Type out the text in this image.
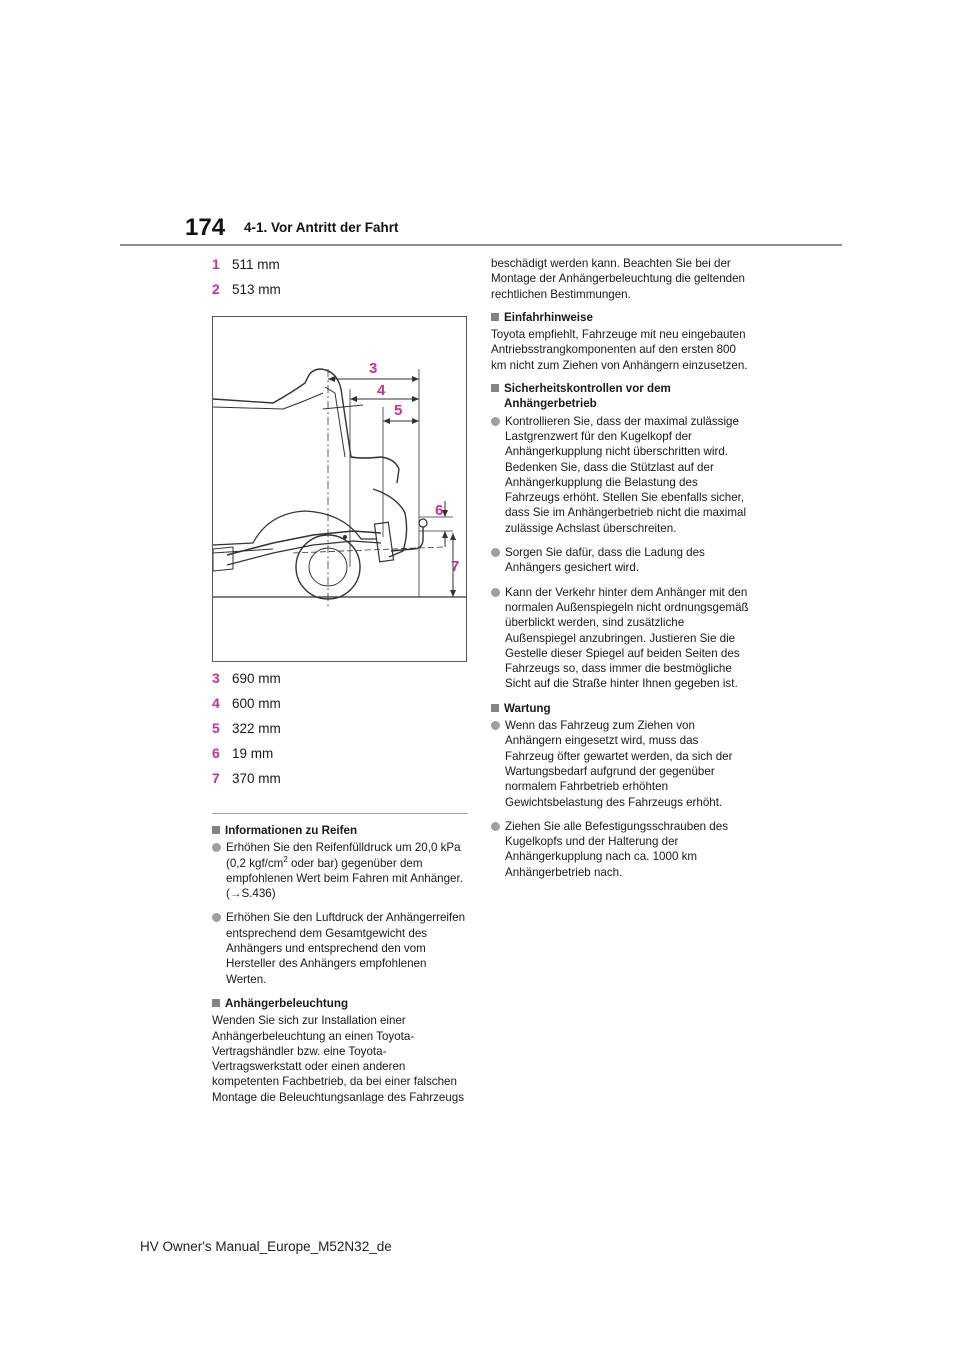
174 4-1. Vor Antritt der Fahrt
1 511 mm
2 513 mm
3
4
5
6
7
3 690 mm
4 600 mm
5 322 mm
6 19 mm
7 370 mm
Informationen zu Reifen
Erhöhen Sie den Reifenfülldruck um 20,0 kPa (0,2 kgf/$cm^2$ oder bar) gegenüber dem empfohlenen Wert beim Fahren mit Anhänger. (→S.436)
Erhöhen Sie den Luftdruck der Anhängerreifen entsprechend dem Gesamtgewicht des Anhängers und entsprechend den vom Hersteller des Anhängers empfohlenen Werten.
Anhängerbeleuchtung

Wenden Sie sich zur Installation einer Anhängerbeleuchtung an einen Toyota-Vertragshändler bzw. eine Toyota-Vertragswerkstatt oder einen anderen kompetenten Fachbetrieb, da bei einer falschen Montage die Beleuchtungsanlage des Fahrzeugs

beschädigt werden kann. Beachten Sie bei der Montage der Anhängerbeleuchtung die geltenden rechtlichen Bestimmungen.

Einfahrhinweise

Toyota empfiehlt, Fahrzeuge mit neu eingebauten Antriebsstrangkomponenten auf den ersten 800 km nicht zum Ziehen von Anhängern einzusetzen.

Sicherheitskontrollen vor dem Anhängerbetrieb
Kontrollieren Sie, dass der maximal zulässige Lastgrenzwert für den Kugelkopf der Anhängerkupplung nicht überschritten wird. Bedenken Sie, dass die Stützlast auf der Anhängerkupplung die Belastung des Fahrzeugs erhöht. Stellen Sie ebenfalls sicher, dass Sie im Anhängerbetrieb nicht die maximal zulässige Achslast überschreiten.
Sorgen Sie dafür, dass die Ladung des Anhängers gesichert wird.
Kann der Verkehr hinter dem Anhänger mit den normalen Außenspiegeln nicht ordnungsgemäß überblickt werden, sind zusätzliche Außenspiegel anzubringen. Justieren Sie die Gestelle dieser Spiegel auf beiden Seiten des Fahrzeugs so, dass immer die bestmögliche Sicht auf die Straße hinter Ihnen gegeben ist.
Wartung
Wenn das Fahrzeug zum Ziehen von Anhängern eingesetzt wird, muss das Fahrzeug öfter gewartet werden, da sich der Wartungsbedarf aufgrund der gegenüber normalem Fahrbetrieb erhöhten Gewichtsbelastung des Fahrzeugs erhöht.
Ziehen Sie alle Befestigungsschrauben des Kugelkopfs und der Halterung der Anhängerkupplung nach ca. 1000 km Anhängerbetrieb nach.
HV Owner's Manual_Europe_M52N32_de
